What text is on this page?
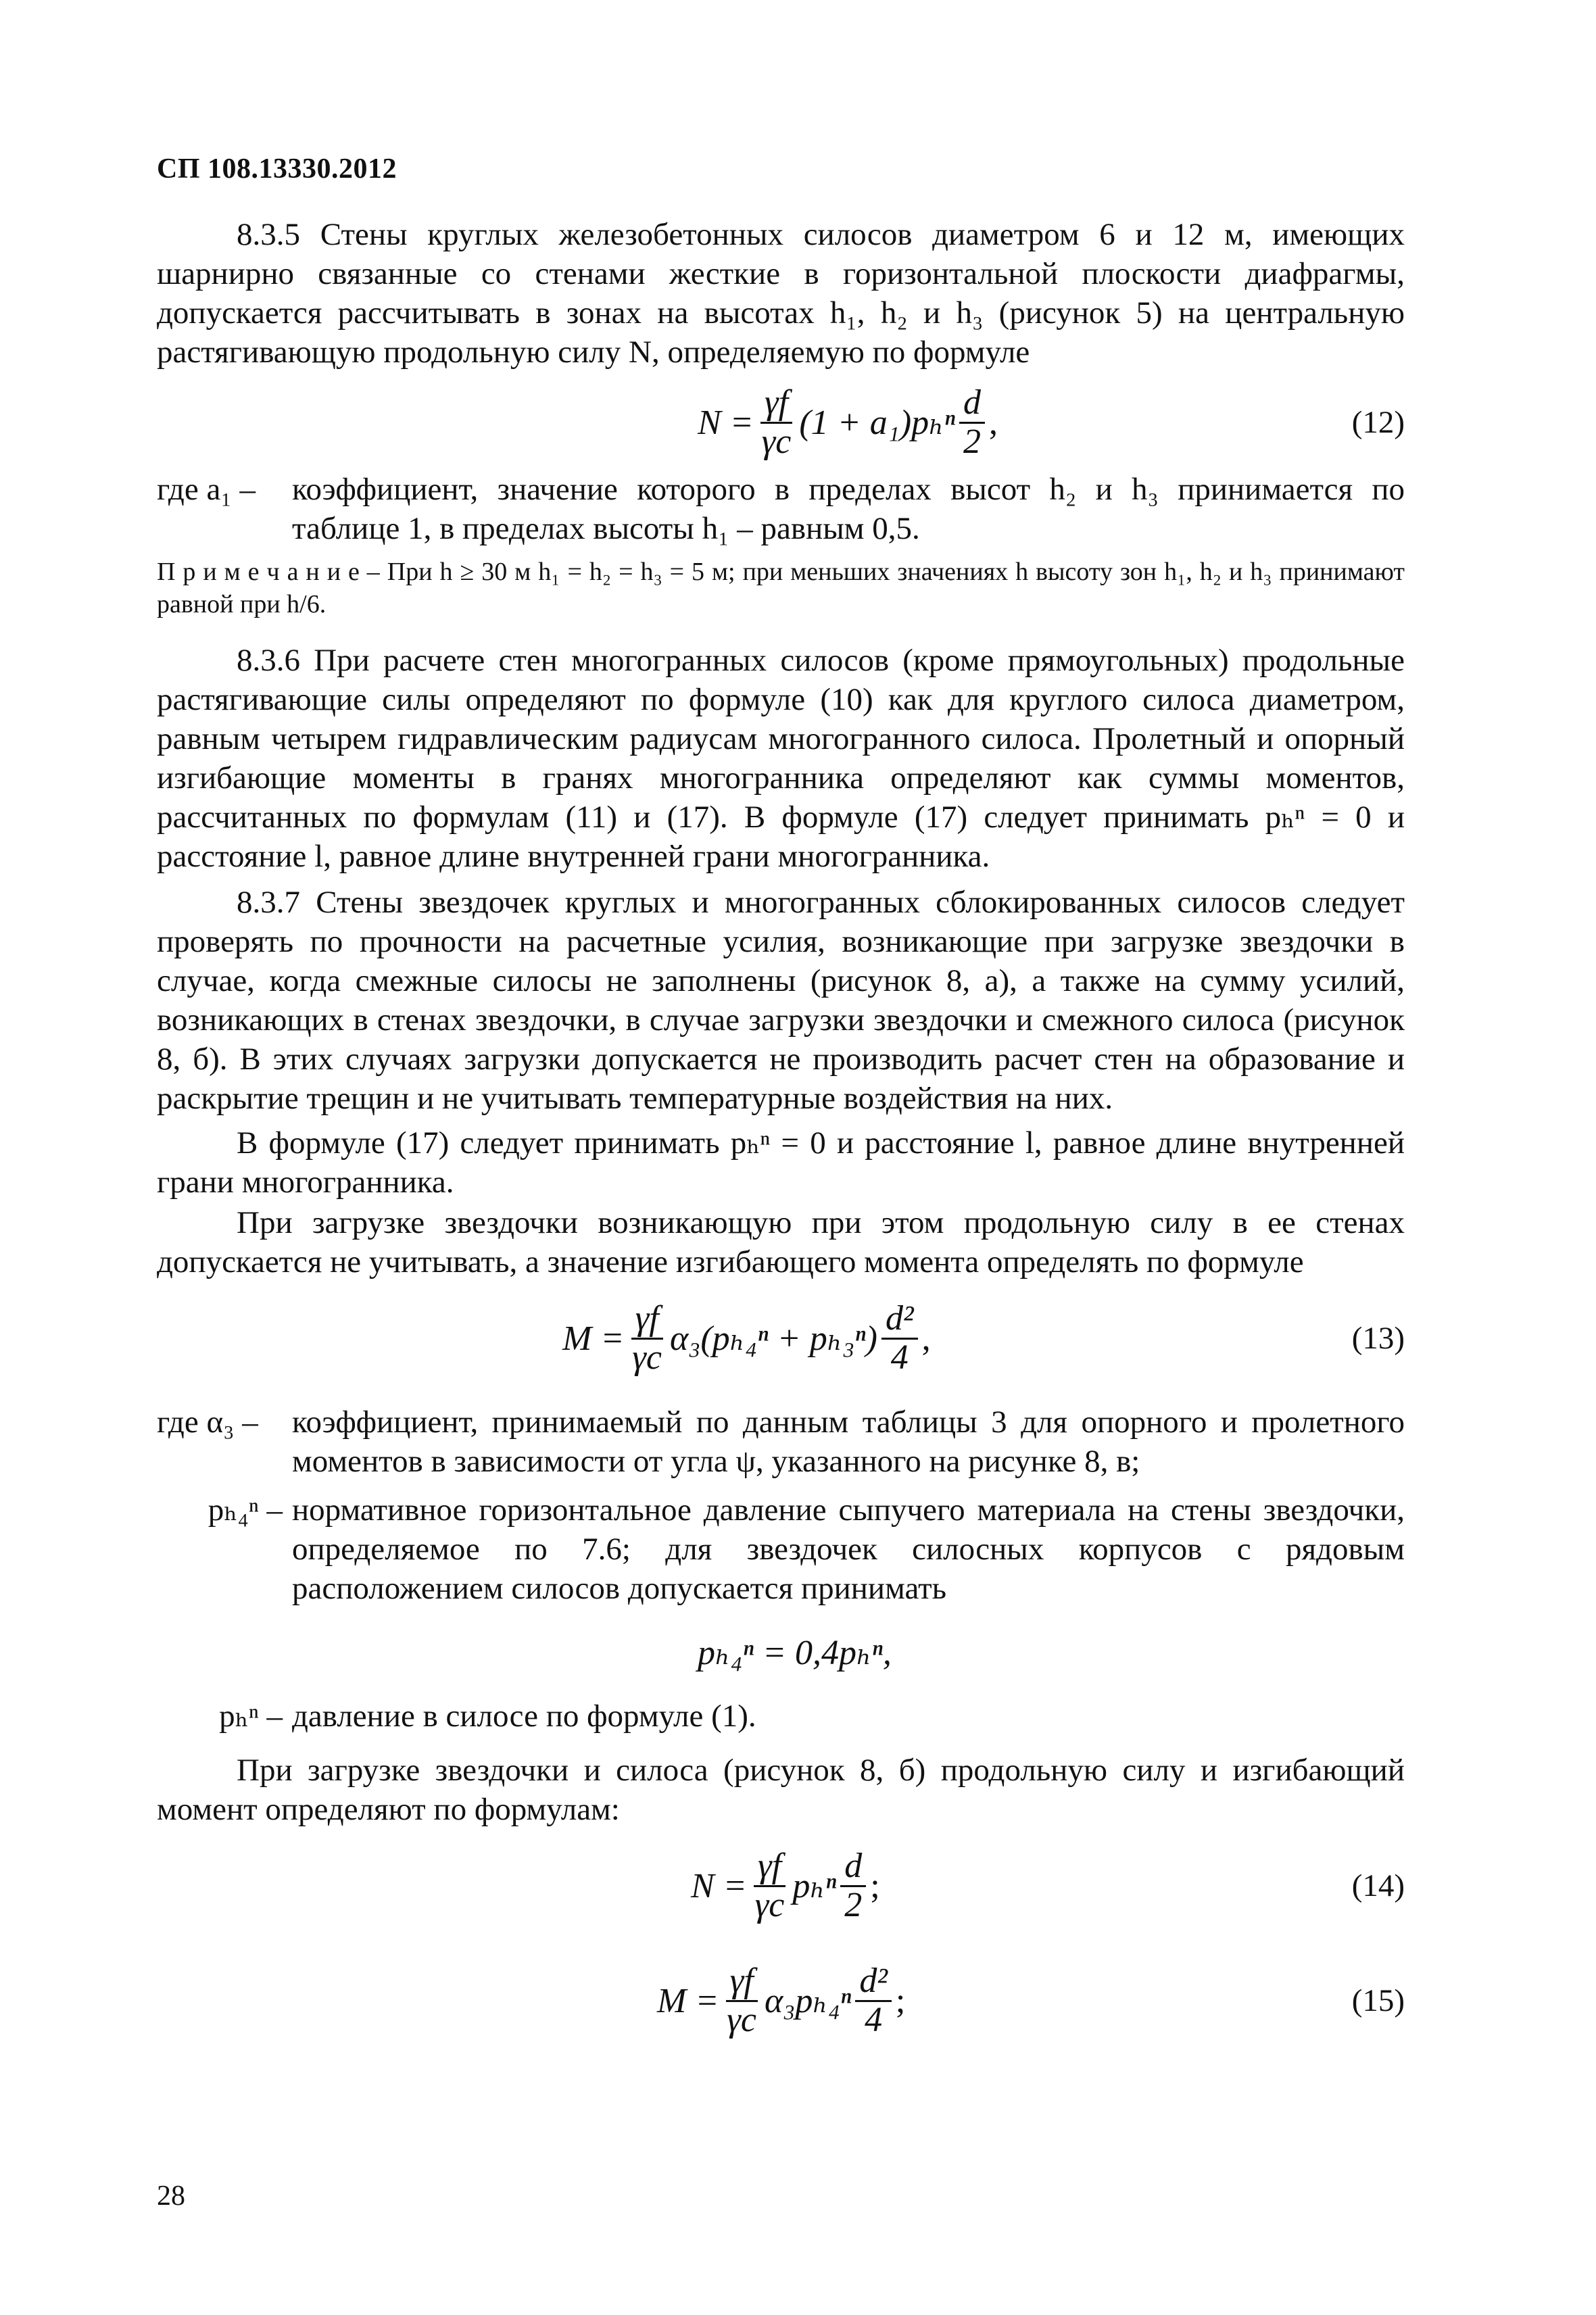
СП 108.13330.2012

8.3.5 Стены круглых железобетонных силосов диаметром 6 и 12 м, имеющих шарнирно связанные со стенами жесткие в горизонтальной плоскости диафрагмы, допускается рассчитывать в зонах на высотах h₁, h₂ и h₃ (рисунок 5) на центральную растягивающую продольную силу N, определяемую по формуле

$N = \frac{\gamma f}{\gamma c} (1 + a_1)p_h^n \frac{d}{2}$ ,	(12)
где a₁ –	коэффициент, значение которого в пределах высот h₂ и h₃ принимается по таблице 1, в пределах высоты h₁ – равным 0,5.
П р и м е ч а н и е – При h ≥ 30 м h₁ = h₂ = h₃ = 5 м; при меньших значениях h высоту зон h₁, h₂ и h₃ принимают равной при h/6.

8.3.6 При расчете стен многогранных силосов (кроме прямоугольных) продольные растягивающие силы определяют по формуле (10) как для круглого силоса диаметром, равным четырем гидравлическим радиусам многогранного силоса. Пролетный и опорный изгибающие моменты в гранях многогранника определяют как суммы моментов, рассчитанных по формулам (11) и (17). В формуле (17) следует принимать pₕⁿ = 0 и расстояние l, равное длине внутренней грани многогранника.

8.3.7 Стены звездочек круглых и многогранных сблокированных силосов следует проверять по прочности на расчетные усилия, возникающие при загрузке звездочки в случае, когда смежные силосы не заполнены (рисунок 8, а), а также на сумму усилий, возникающих в стенах звездочки, в случае загрузки звездочки и смежного силоса (рисунок 8, б). В этих случаях загрузки допускается не производить расчет стен на образование и раскрытие трещин и не учитывать температурные воздействия на них.

В формуле (17) следует принимать pₕⁿ = 0 и расстояние l, равное длине внутренней грани многогранника.

При загрузке звездочки возникающую при этом продольную силу в ее стенах допускается не учитывать, а значение изгибающего момента определять по формуле

$M = \frac{\gamma f}{\gamma c} \alpha_3(p_{h4}^n + p_{h3}^n) \frac{\text{d²}}{4}$ ,	(13)
где α₃ –	коэффициент, принимаемый по данным таблицы 3 для опорного и пролетного моментов в зависимости от угла ψ, указанного на рисунке 8, в;
pₕ₄ⁿ – нормативное горизонтальное давление сыпучего материала на стены звездочки, определяемое по 7.6; для звездочек силосных корпусов с рядовым расположением силосов допускается принимать
pₕ₄ⁿ = 0,4pₕⁿ,
pₕⁿ – давление в силосе по формуле (1).

При загрузке звездочки и силоса (рисунок 8, б) продольную силу и изгибающий момент определяют по формулам:

$N = \frac{\gamma f}{\gamma c}$ pₕⁿ $\frac{d}{2}$ ;	(14)
$M = \frac{\gamma f}{\gamma c} \alpha_3p_{h4}^n \frac{\text{d²}}{4}$ ;	(15)
28
